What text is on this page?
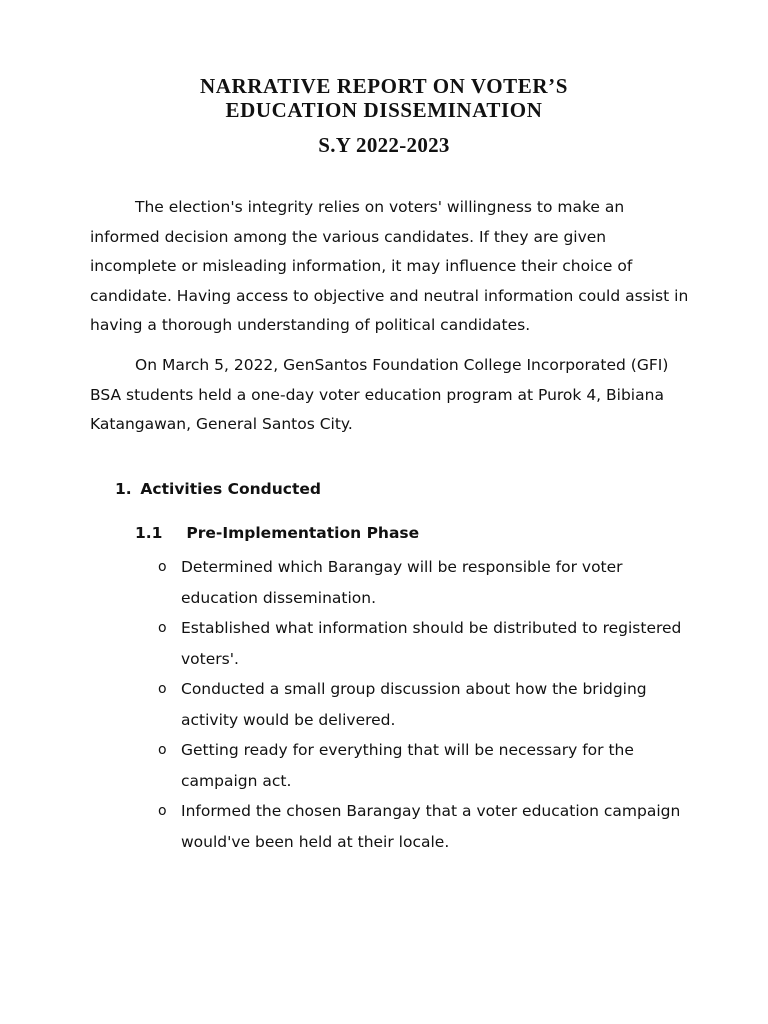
NARRATIVE REPORT ON VOTER’S
EDUCATION DISSEMINATION
S.Y 2022-2023

The election's integrity relies on voters' willingness to make an informed decision among the various candidates. If they are given incomplete or misleading information, it may influence their choice of candidate. Having access to objective and neutral information could assist in having a thorough understanding of political candidates.

On March 5, 2022, GenSantos Foundation College Incorporated (GFI) BSA students held a one-day voter education program at Purok 4, Bibiana Katangawan, General Santos City.

1. Activities Conducted
1.1 Pre-Implementation Phase
o Determined which Barangay will be responsible for voter education dissemination.
o Established what information should be distributed to registered voters'.
o Conducted a small group discussion about how the bridging activity would be delivered.
o Getting ready for everything that will be necessary for the campaign act.
o Informed the chosen Barangay that a voter education campaign would've been held at their locale.
